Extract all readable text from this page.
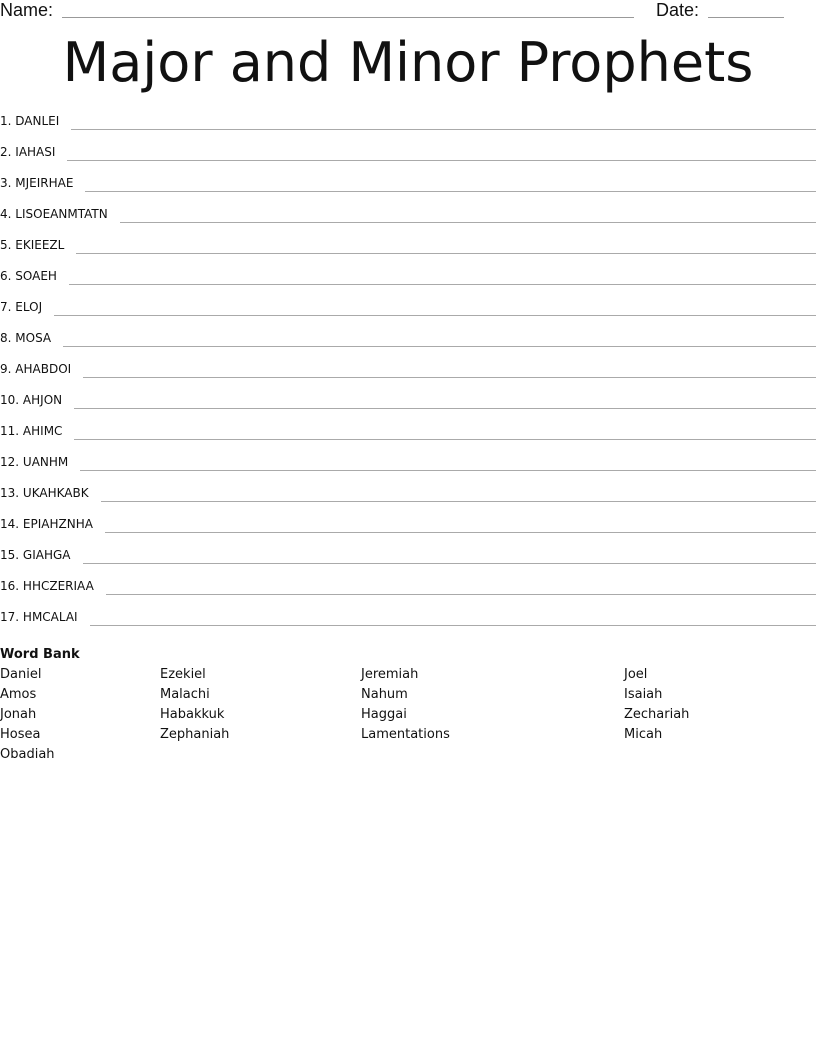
Name:	Date:
Major and Minor Prophets
1. DANLEI
2. IAHASI
3. MJEIRHAE
4. LISOEANMTATN
5. EKIEEZL
6. SOAEH
7. ELOJ
8. MOSA
9. AHABDOI
10. AHJON
11. AHIMC
12. UANHM
13. UKAHKABK
14. EPIAHZNHA
15. GIAHGA
16. HHCZERIAA
17. HMCALAI
Word Bank
Daniel
Amos
Jonah
Hosea
Obadiah
Ezekiel
Malachi
Habakkuk
Zephaniah
Jeremiah
Nahum
Haggai
Lamentations
Joel
Isaiah
Zechariah
Micah
